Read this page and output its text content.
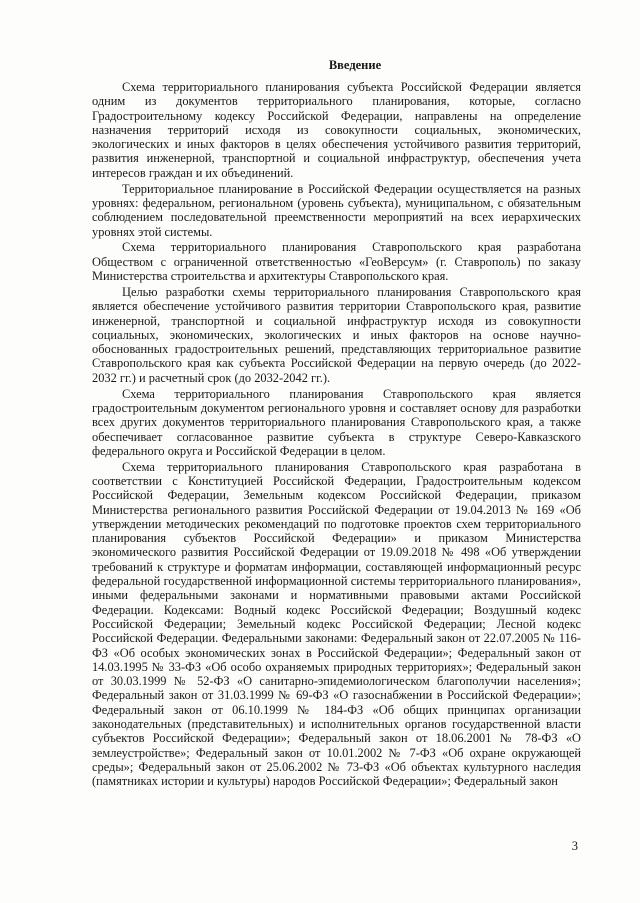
Введение

Схема территориального планирования субъекта Российской Федерации является одним из документов территориального планирования, которые, согласно Градостроительному кодексу Российской Федерации, направлены на определение назначения территорий исходя из совокупности социальных, экономических, экологических и иных факторов в целях обеспечения устойчивого развития территорий, развития инженерной, транспортной и социальной инфраструктур, обеспечения учета интересов граждан и их объединений.

Территориальное планирование в Российской Федерации осуществляется на разных уровнях: федеральном, региональном (уровень субъекта), муниципальном, с обязательным соблюдением последовательной преемственности мероприятий на всех иерархических уровнях этой системы.

Схема территориального планирования Ставропольского края разработана Обществом с ограниченной ответственностью «ГеоВерсум» (г. Ставрополь) по заказу Министерства строительства и архитектуры Ставропольского края.

Целью разработки схемы территориального планирования Ставропольского края является обеспечение устойчивого развития территории Ставропольского края, развитие инженерной, транспортной и социальной инфраструктур исходя из совокупности социальных, экономических, экологических и иных факторов на основе научно-обоснованных градостроительных решений, представляющих территориальное развитие Ставропольского края как субъекта Российской Федерации на первую очередь (до 2022-2032 гг.) и расчетный срок (до 2032-2042 гг.).

Схема территориального планирования Ставропольского края является градостроительным документом регионального уровня и составляет основу для разработки всех других документов территориального планирования Ставропольского края, а также обеспечивает согласованное развитие субъекта в структуре Северо-Кавказского федерального округа и Российской Федерации в целом.

Схема территориального планирования Ставропольского края разработана в соответствии с Конституцией Российской Федерации, Градостроительным кодексом Российской Федерации, Земельным кодексом Российской Федерации, приказом Министерства регионального развития Российской Федерации от 19.04.2013 № 169 «Об утверждении методических рекомендаций по подготовке проектов схем территориального планирования субъектов Российской Федерации» и приказом Министерства экономического развития Российской Федерации от 19.09.2018 № 498 «Об утверждении требований к структуре и форматам информации, составляющей информационный ресурс федеральной государственной информационной системы территориального планирования», иными федеральными законами и нормативными правовыми актами Российской Федерации. Кодексами: Водный кодекс Российской Федерации; Воздушный кодекс Российской Федерации; Земельный кодекс Российской Федерации; Лесной кодекс Российской Федерации. Федеральными законами: Федеральный закон от 22.07.2005 № 116-ФЗ «Об особых экономических зонах в Российской Федерации»; Федеральный закон от 14.03.1995 № 33-ФЗ «Об особо охраняемых природных территориях»; Федеральный закон от 30.03.1999 № 52-ФЗ «О санитарно-эпидемиологическом благополучии населения»; Федеральный закон от 31.03.1999 № 69-ФЗ «О газоснабжении в Российской Федерации»; Федеральный закон от 06.10.1999 № 184-ФЗ «Об общих принципах организации законодательных (представительных) и исполнительных органов государственной власти субъектов Российской Федерации»; Федеральный закон от 18.06.2001 № 78-ФЗ «О землеустройстве»; Федеральный закон от 10.01.2002 № 7-ФЗ «Об охране окружающей среды»; Федеральный закон от 25.06.2002 № 73-ФЗ «Об объектах культурного наследия (памятниках истории и культуры) народов Российской Федерации»; Федеральный закон

3
